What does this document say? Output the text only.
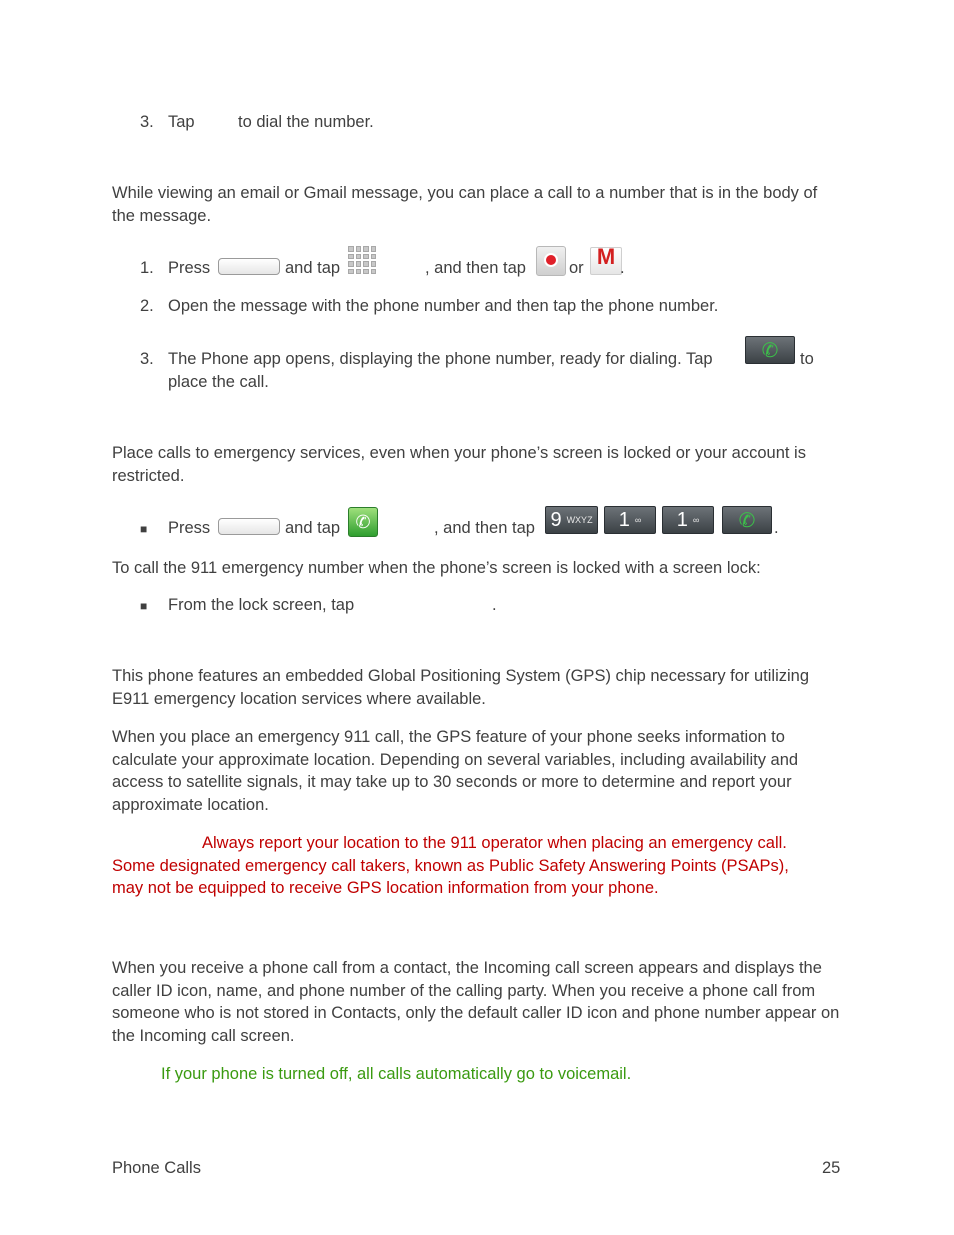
3. Tap	to dial the number.
While viewing an email or Gmail message, you can place a call to a number that is in the body of the message.
1. Press	and tap	, and then tap	or M .
2. Open the message with the phone number and then tap the phone number.
3. The Phone app opens, displaying the phone number, ready for dialing. Tap ✆ to
place the call.
Place calls to emergency services, even when your phone’s screen is locked or your account is restricted.
■ Press	and tap ✆	, and then tap 9 WXYZ 1 ∞ 1 ∞ ✆ .
To call the 911 emergency number when the phone’s screen is locked with a screen lock:
■ From the lock screen, tap	.
This phone features an embedded Global Positioning System (GPS) chip necessary for utilizing E911 emergency location services where available.
When you place an emergency 911 call, the GPS feature of your phone seeks information to calculate your approximate location. Depending on several variables, including availability and access to satellite signals, it may take up to 30 seconds or more to determine and report your approximate location.
Always report your location to the 911 operator when placing an emergency call.
Some designated emergency call takers, known as Public Safety Answering Points (PSAPs),
may not be equipped to receive GPS location information from your phone.
When you receive a phone call from a contact, the Incoming call screen appears and displays the caller ID icon, name, and phone number of the calling party. When you receive a phone call from someone who is not stored in Contacts, only the default caller ID icon and phone number appear on the Incoming call screen.
If your phone is turned off, all calls automatically go to voicemail.
Phone Calls	25
